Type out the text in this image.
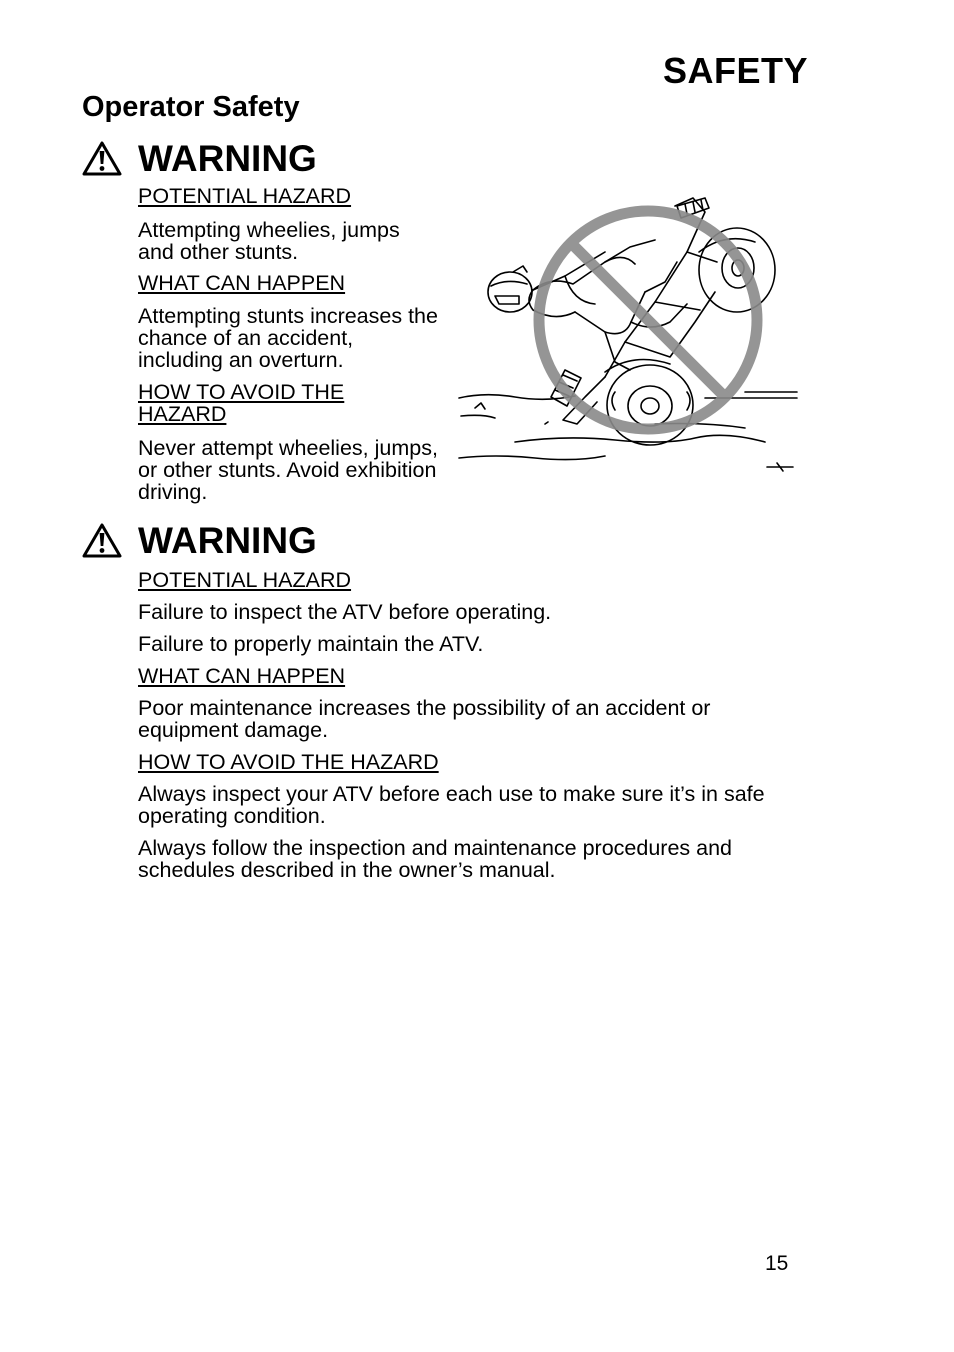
SAFETY
Operator Safety
WARNING
POTENTIAL HAZARD
Attempting wheelies, jumps and other stunts.
WHAT CAN HAPPEN
Attempting stunts increases the chance of an accident, including an overturn.
HOW TO AVOID THE HAZARD
Never attempt wheelies, jumps, or other stunts. Avoid exhibition driving.
WARNING
POTENTIAL HAZARD
Failure to inspect the ATV before operating.
Failure to properly maintain the ATV.
WHAT CAN HAPPEN
Poor maintenance increases the possibility of an accident or equipment damage.
HOW TO AVOID THE HAZARD
Always inspect your ATV before each use to make sure it’s in safe operating condition.
Always follow the inspection and maintenance procedures and schedules described in the owner’s manual.
15
